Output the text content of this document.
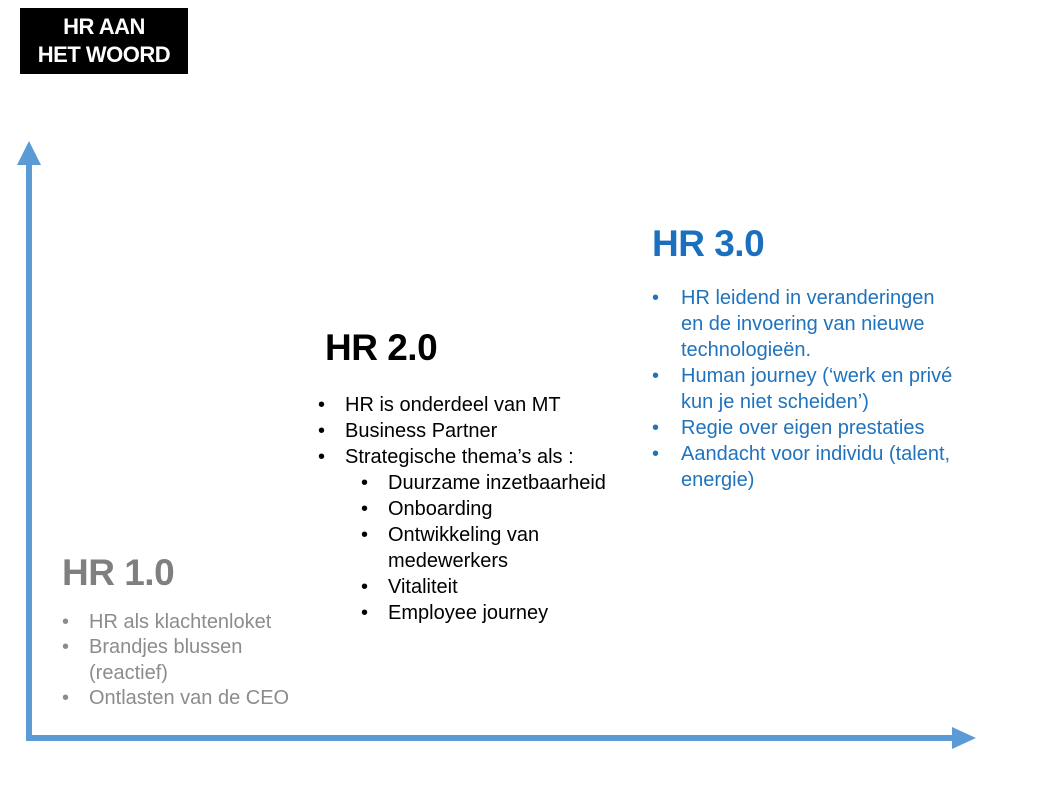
HR AAN
HET WOORD
HR 1.0
• HR als klachtenloket
• Brandjes blussen (reactief)
• Ontlasten van de CEO
HR 2.0
• HR is onderdeel van MT
• Business Partner
• Strategische thema’s als :
• Duurzame inzetbaarheid
• Onboarding
• Ontwikkeling van medewerkers
• Vitaliteit
• Employee journey
HR 3.0
• HR leidend in veranderingen en de invoering van nieuwe technologieën.
• Human journey (‘werk en privé kun je niet scheiden’)
• Regie over eigen prestaties
• Aandacht voor individu (talent, energie)
